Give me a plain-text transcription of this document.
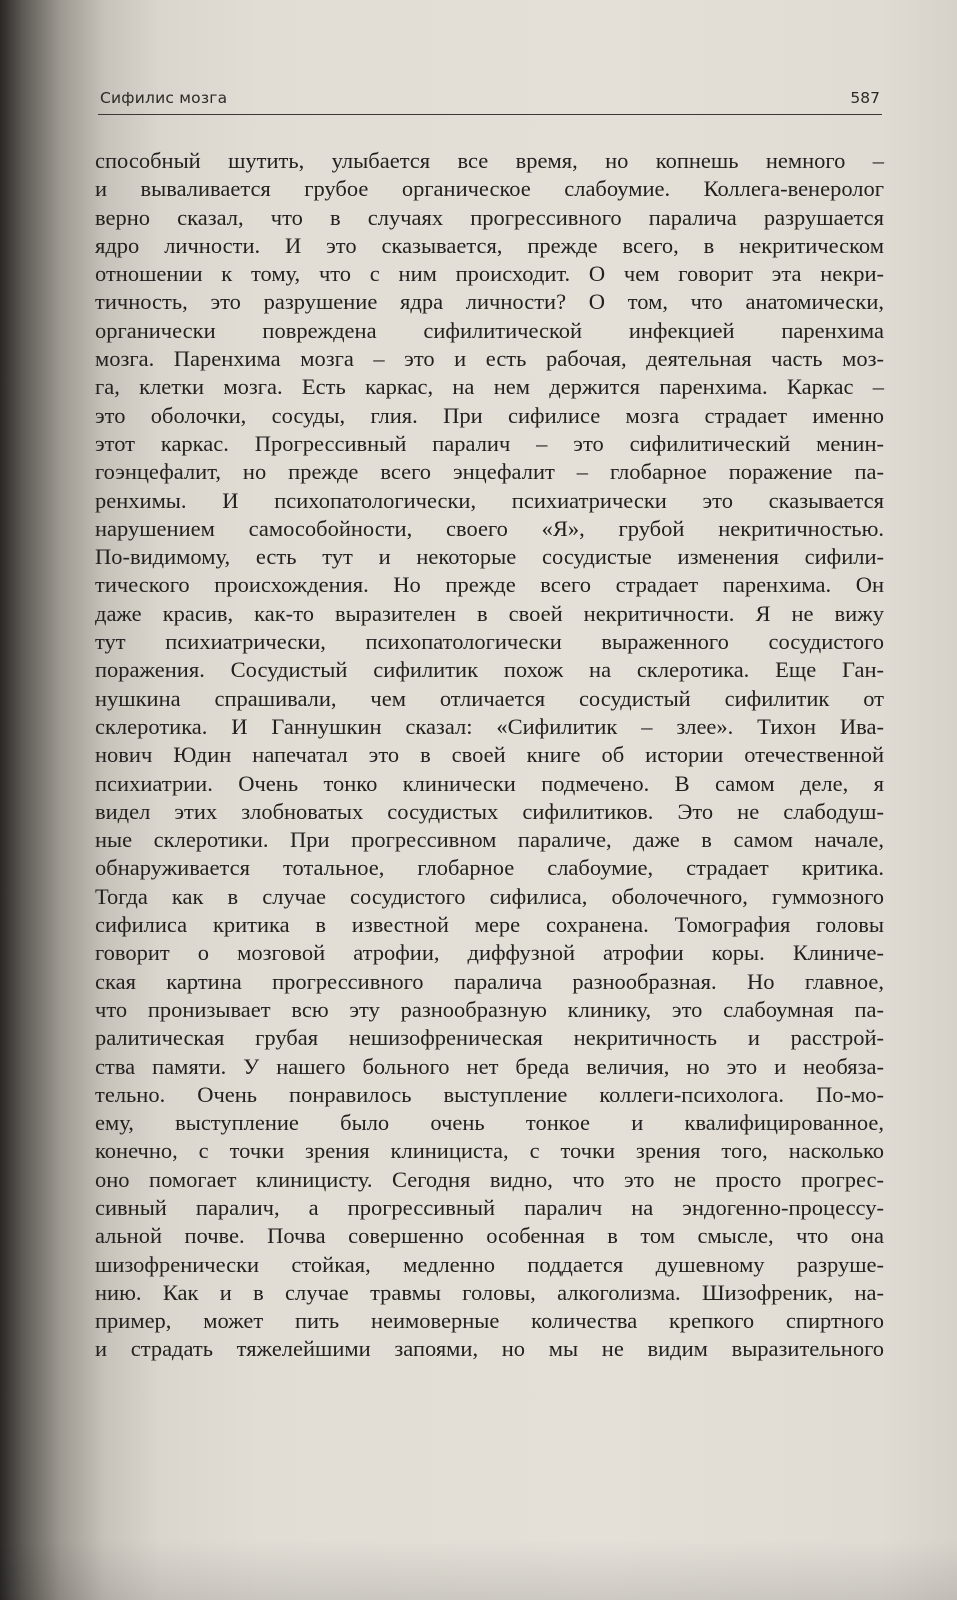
Сифилис мозга	587
способный шутить, улыбается все время, но копнешь немного –
и вываливается грубое органическое слабоумие. Коллега-венеролог
верно сказал, что в случаях прогрессивного паралича разрушается
ядро личности. И это сказывается, прежде всего, в некритическом
отношении к тому, что с ним происходит. О чем говорит эта некри-
тичность, это разрушение ядра личности? О том, что анатомически,
органически повреждена сифилитической инфекцией паренхима
мозга. Паренхима мозга – это и есть рабочая, деятельная часть моз-
га, клетки мозга. Есть каркас, на нем держится паренхима. Каркас –
это оболочки, сосуды, глия. При сифилисе мозга страдает именно
этот каркас. Прогрессивный паралич – это сифилитический менин-
гоэнцефалит, но прежде всего энцефалит – глобарное поражение па-
ренхимы. И психопатологически, психиатрически это сказывается
нарушением самособойности, своего «Я», грубой некритичностью.
По-видимому, есть тут и некоторые сосудистые изменения сифили-
тического происхождения. Но прежде всего страдает паренхима. Он
даже красив, как-то выразителен в своей некритичности. Я не вижу
тут психиатрически, психопатологически выраженного сосудистого
поражения. Сосудистый сифилитик похож на склеротика. Еще Ган-
нушкина спрашивали, чем отличается сосудистый сифилитик от
склеротика. И Ганнушкин сказал: «Сифилитик – злее». Тихон Ива-
нович Юдин напечатал это в своей книге об истории отечественной
психиатрии. Очень тонко клинически подмечено. В самом деле, я
видел этих злобноватых сосудистых сифилитиков. Это не слабодуш-
ные склеротики. При прогрессивном параличе, даже в самом начале,
обнаруживается тотальное, глобарное слабоумие, страдает критика.
Тогда как в случае сосудистого сифилиса, оболочечного, гуммозного
сифилиса критика в известной мере сохранена. Томография головы
говорит о мозговой атрофии, диффузной атрофии коры. Клиниче-
ская картина прогрессивного паралича разнообразная. Но главное,
что пронизывает всю эту разнообразную клинику, это слабоумная па-
ралитическая грубая нешизофреническая некритичность и расстрой-
ства памяти. У нашего больного нет бреда величия, но это и необяза-
тельно. Очень понравилось выступление коллеги-психолога. По-мо-
ему, выступление было очень тонкое и квалифицированное,
конечно, с точки зрения клинициста, с точки зрения того, насколько
оно помогает клиницисту. Сегодня видно, что это не просто прогрес-
сивный паралич, а прогрессивный паралич на эндогенно-процессу-
альной почве. Почва совершенно особенная в том смысле, что она
шизофренически стойкая, медленно поддается душевному разруше-
нию. Как и в случае травмы головы, алкоголизма. Шизофреник, на-
пример, может пить неимоверные количества крепкого спиртного
и страдать тяжелейшими запоями, но мы не видим выразительного
